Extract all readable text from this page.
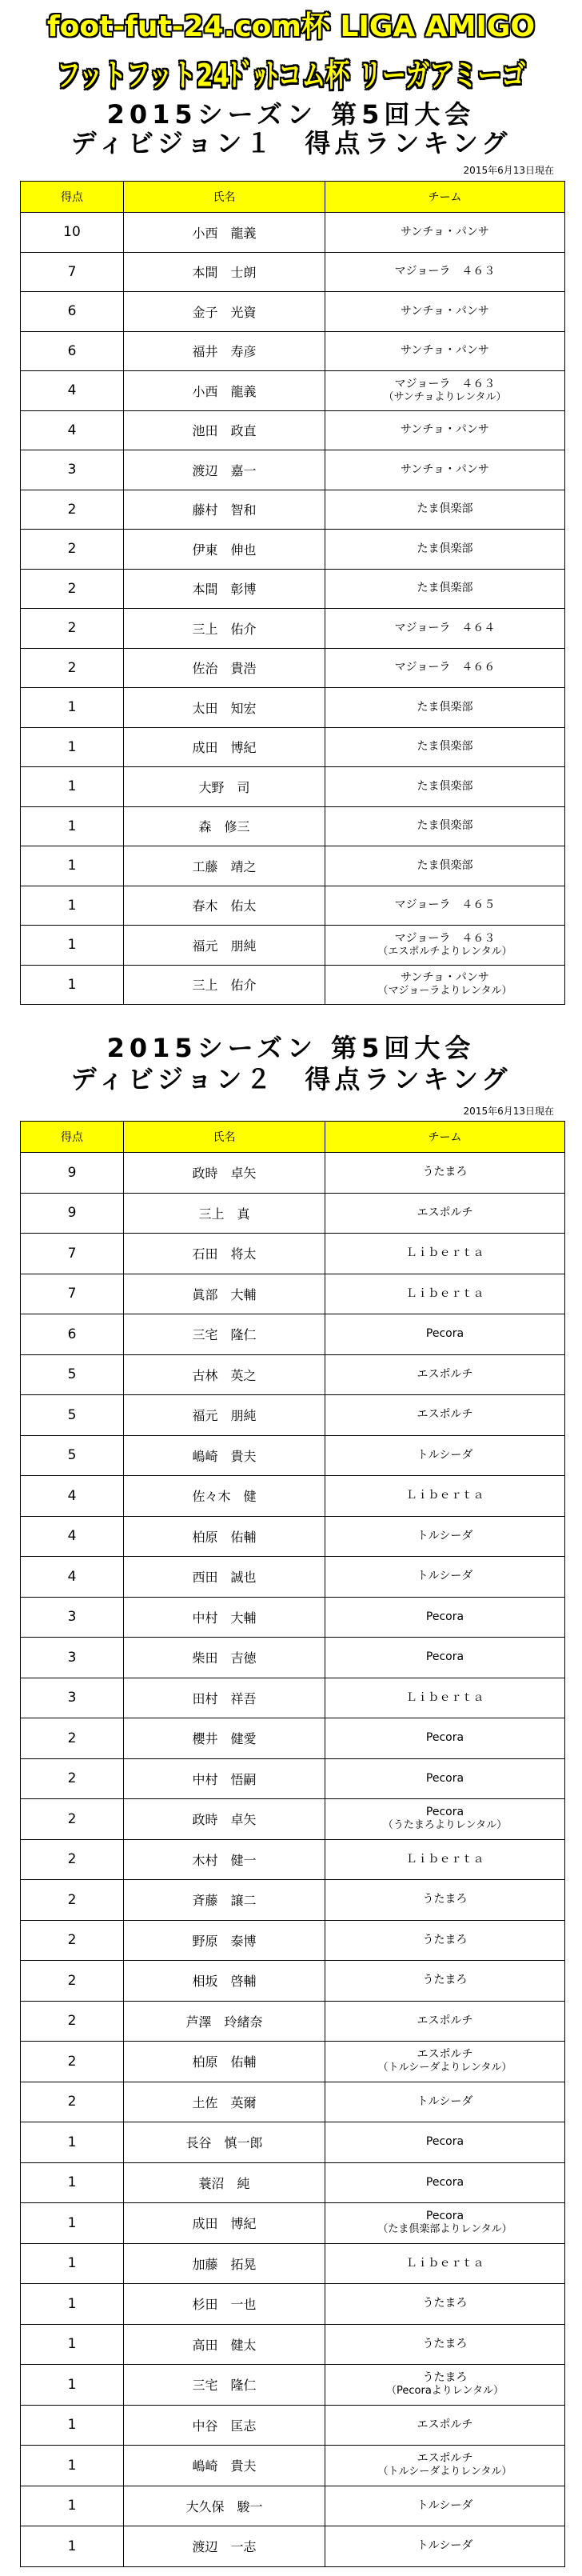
foot-fut-24.com杯 LIGA AMIGO
フットフット24ﾄﾞｯﾄコム杯 リーガアミーゴ
2015シーズン 第5回大会
ディビジョン１　得点ランキング
2015年6月13日現在
得点	氏名	チーム
10	小西　龍義	サンチョ・パンサ
7	本間　士朗	マジョーラ　４６３
6	金子　光資	サンチョ・パンサ
6	福井　寿彦	サンチョ・パンサ
4	小西　龍義	マジョーラ　４６３
（サンチョよりレンタル）
4	池田　政直	サンチョ・パンサ
3	渡辺　嘉一	サンチョ・パンサ
2	藤村　智和	たま倶楽部
2	伊東　伸也	たま倶楽部
2	本間　彰博	たま倶楽部
2	三上　佑介	マジョーラ　４６４
2	佐治　貴浩	マジョーラ　４６６
1	太田　知宏	たま倶楽部
1	成田　博紀	たま倶楽部
1	大野　司	たま倶楽部
1	森　修三	たま倶楽部
1	工藤　靖之	たま倶楽部
1	春木　佑太	マジョーラ　４６５
1	福元　朋純	マジョーラ　４６３
（エスポルチよりレンタル）
1	三上　佑介	サンチョ・パンサ
（マジョーラよりレンタル）
2015シーズン 第5回大会
ディビジョン２　得点ランキング
2015年6月13日現在
得点	氏名	チーム
9	政時　卓矢	うたまろ
9	三上　真	エスポルチ
7	石田　将太	Ｌｉｂｅｒｔａ
7	眞部　大輔	Ｌｉｂｅｒｔａ
6	三宅　隆仁	Pecora
5	古林　英之	エスポルチ
5	福元　朋純	エスポルチ
5	嶋崎　貴夫	トルシーダ
4	佐々木　健	Ｌｉｂｅｒｔａ
4	柏原　佑輔	トルシーダ
4	西田　誠也	トルシーダ
3	中村　大輔	Pecora
3	柴田　吉徳	Pecora
3	田村　祥吾	Ｌｉｂｅｒｔａ
2	櫻井　健愛	Pecora
2	中村　悟嗣	Pecora
2	政時　卓矢	Pecora
（うたまろよりレンタル）
2	木村　健一	Ｌｉｂｅｒｔａ
2	斉藤　譲二	うたまろ
2	野原　泰博	うたまろ
2	相坂　啓輔	うたまろ
2	芦澤　玲緒奈	エスポルチ
2	柏原　佑輔	エスポルチ
（トルシーダよりレンタル）
2	土佐　英爾	トルシーダ
1	長谷　慎一郎	Pecora
1	蓑沼　純	Pecora
1	成田　博紀	Pecora
（たま倶楽部よりレンタル）
1	加藤　拓晃	Ｌｉｂｅｒｔａ
1	杉田　一也	うたまろ
1	高田　健太	うたまろ
1	三宅　隆仁	うたまろ
（Pecoraよりレンタル）
1	中谷　匡志	エスポルチ
1	嶋崎　貴夫	エスポルチ
（トルシーダよりレンタル）
1	大久保　駿一	トルシーダ
1	渡辺　一志	トルシーダ
